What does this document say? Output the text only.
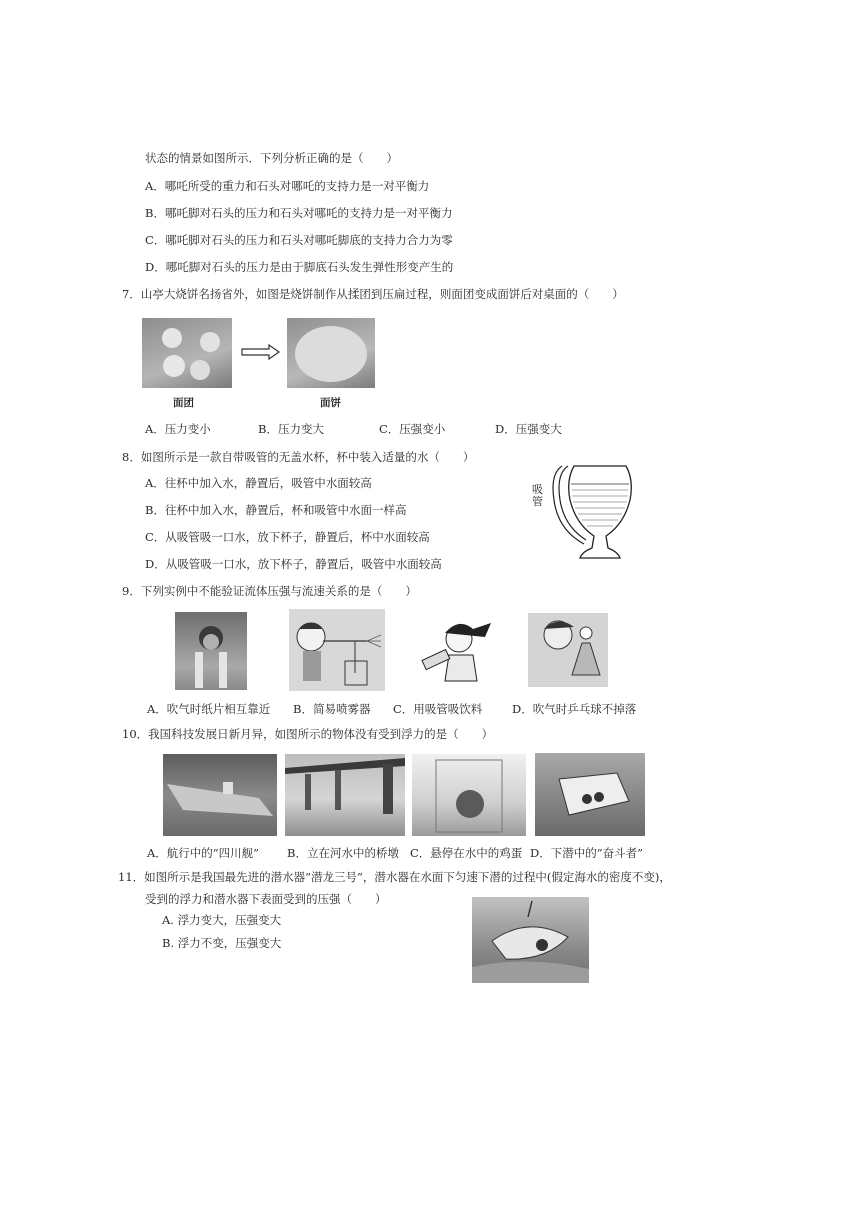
状态的情景如图所示．下列分析正确的是（　　）
A．哪吒所受的重力和石头对哪吒的支持力是一对平衡力
B．哪吒脚对石头的压力和石头对哪吒的支持力是一对平衡力
C．哪吒脚对石头的压力和石头对哪吒脚底的支持力合力为零
D．哪吒脚对石头的压力是由于脚底石头发生弹性形变产生的
7．山亭大烧饼名扬省外，如图是烧饼制作从揉团到压扁过程，则面团变成面饼后对桌面的（　　）
面团	面饼
A．压力变小	B．压力变大	C．压强变小	D．压强变大
8．如图所示是一款自带吸管的无盖水杯，杯中装入适量的水（　　）
A．往杯中加入水，静置后，吸管中水面较高
B．往杯中加入水，静置后，杯和吸管中水面一样高
C．从吸管吸一口水，放下杯子，静置后，杯中水面较高
D．从吸管吸一口水，放下杯子，静置后，吸管中水面较高
吸管
9．下列实例中不能验证流体压强与流速关系的是（　　）
A．吹气时纸片相互靠近 B．简易喷雾器 C．用吸管吸饮料	D．吹气时乒乓球不掉落
10．我国科技发展日新月异，如图所示的物体没有受到浮力的是（　　）
A．航行中的“四川舰” B．立在河水中的桥墩 C．悬停在水中的鸡蛋 D．下潜中的“奋斗者”
11．如图所示是我国最先进的潜水器“潜龙三号”，潜水器在水面下匀速下潜的过程中(假定海水的密度不变)，
受到的浮力和潜水器下表面受到的压强（　　）
A. 浮力变大，压强变大
B. 浮力不变，压强变大
